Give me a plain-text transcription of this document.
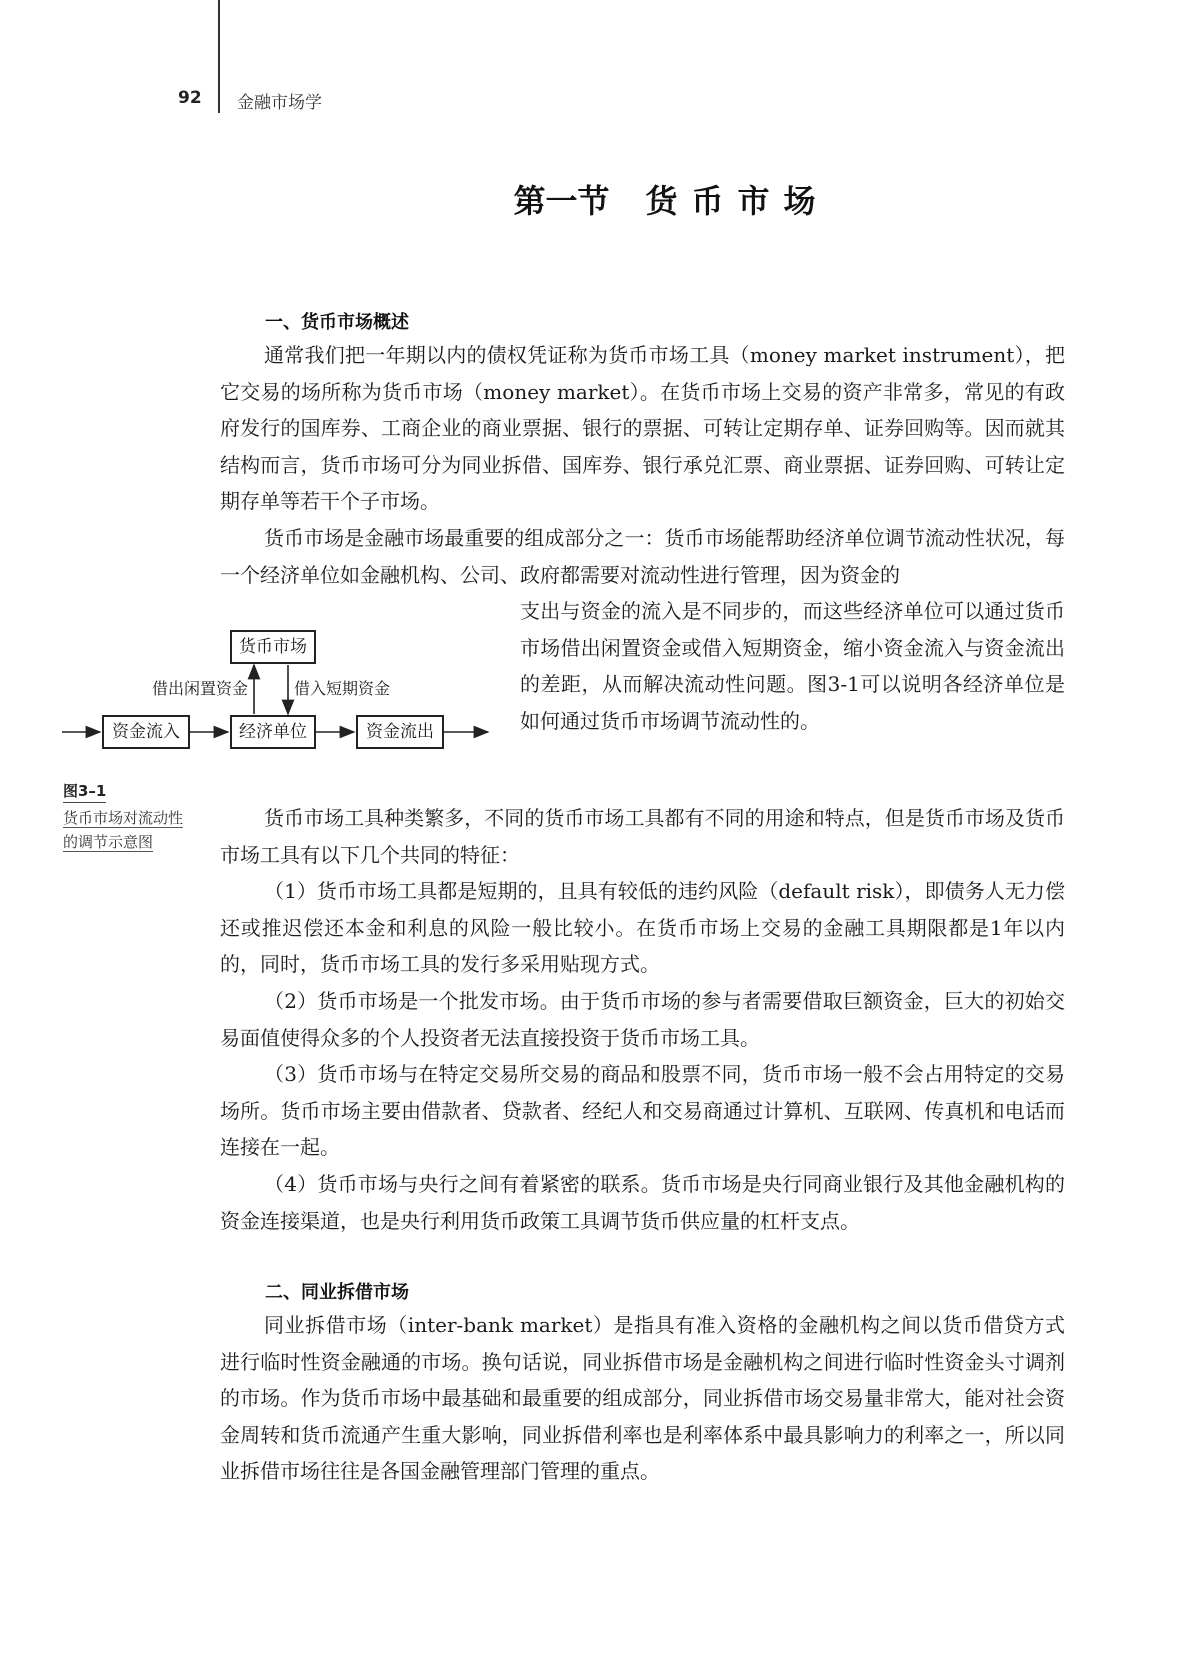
92 金融市场学
第一节 货币市场
一、货币市场概述
通常我们把一年期以内的债权凭证称为货币市场工具（money market instrument），把它交易的场所称为货币市场（money market）。在货币市场上交易的资产非常多，常见的有政府发行的国库券、工商企业的商业票据、银行的票据、可转让定期存单、证券回购等。因而就其结构而言，货币市场可分为同业拆借、国库券、银行承兑汇票、商业票据、证券回购、可转让定期存单等若干个子市场。
货币市场是金融市场最重要的组成部分之一：货币市场能帮助经济单位调节流动性状况，每一个经济单位如金融机构、公司、政府都需要对流动性进行管理，因为资金的
支出与资金的流入是不同步的，而这些经济单位可以通过货币市场借出闲置资金或借入短期资金，缩小资金流入与资金流出的差距，从而解决流动性问题。图3-1可以说明各经济单位是如何通过货币市场调节流动性的。
货币市场
借出闲置资金	借入短期资金
资金流入	经济单位	资金流出
图3–1
货币市场对流动性
的调节示意图
货币市场工具种类繁多，不同的货币市场工具都有不同的用途和特点，但是货币市场及货币市场工具有以下几个共同的特征：
（1）货币市场工具都是短期的，且具有较低的违约风险（default risk），即债务人无力偿还或推迟偿还本金和利息的风险一般比较小。在货币市场上交易的金融工具期限都是1年以内的，同时，货币市场工具的发行多采用贴现方式。
（2）货币市场是一个批发市场。由于货币市场的参与者需要借取巨额资金，巨大的初始交易面值使得众多的个人投资者无法直接投资于货币市场工具。
（3）货币市场与在特定交易所交易的商品和股票不同，货币市场一般不会占用特定的交易场所。货币市场主要由借款者、贷款者、经纪人和交易商通过计算机、互联网、传真机和电话而连接在一起。
（4）货币市场与央行之间有着紧密的联系。货币市场是央行同商业银行及其他金融机构的资金连接渠道，也是央行利用货币政策工具调节货币供应量的杠杆支点。
二、同业拆借市场
同业拆借市场（inter-bank market）是指具有准入资格的金融机构之间以货币借贷方式进行临时性资金融通的市场。换句话说，同业拆借市场是金融机构之间进行临时性资金头寸调剂的市场。作为货币市场中最基础和最重要的组成部分，同业拆借市场交易量非常大，能对社会资金周转和货币流通产生重大影响，同业拆借利率也是利率体系中最具影响力的利率之一，所以同业拆借市场往往是各国金融管理部门管理的重点。
